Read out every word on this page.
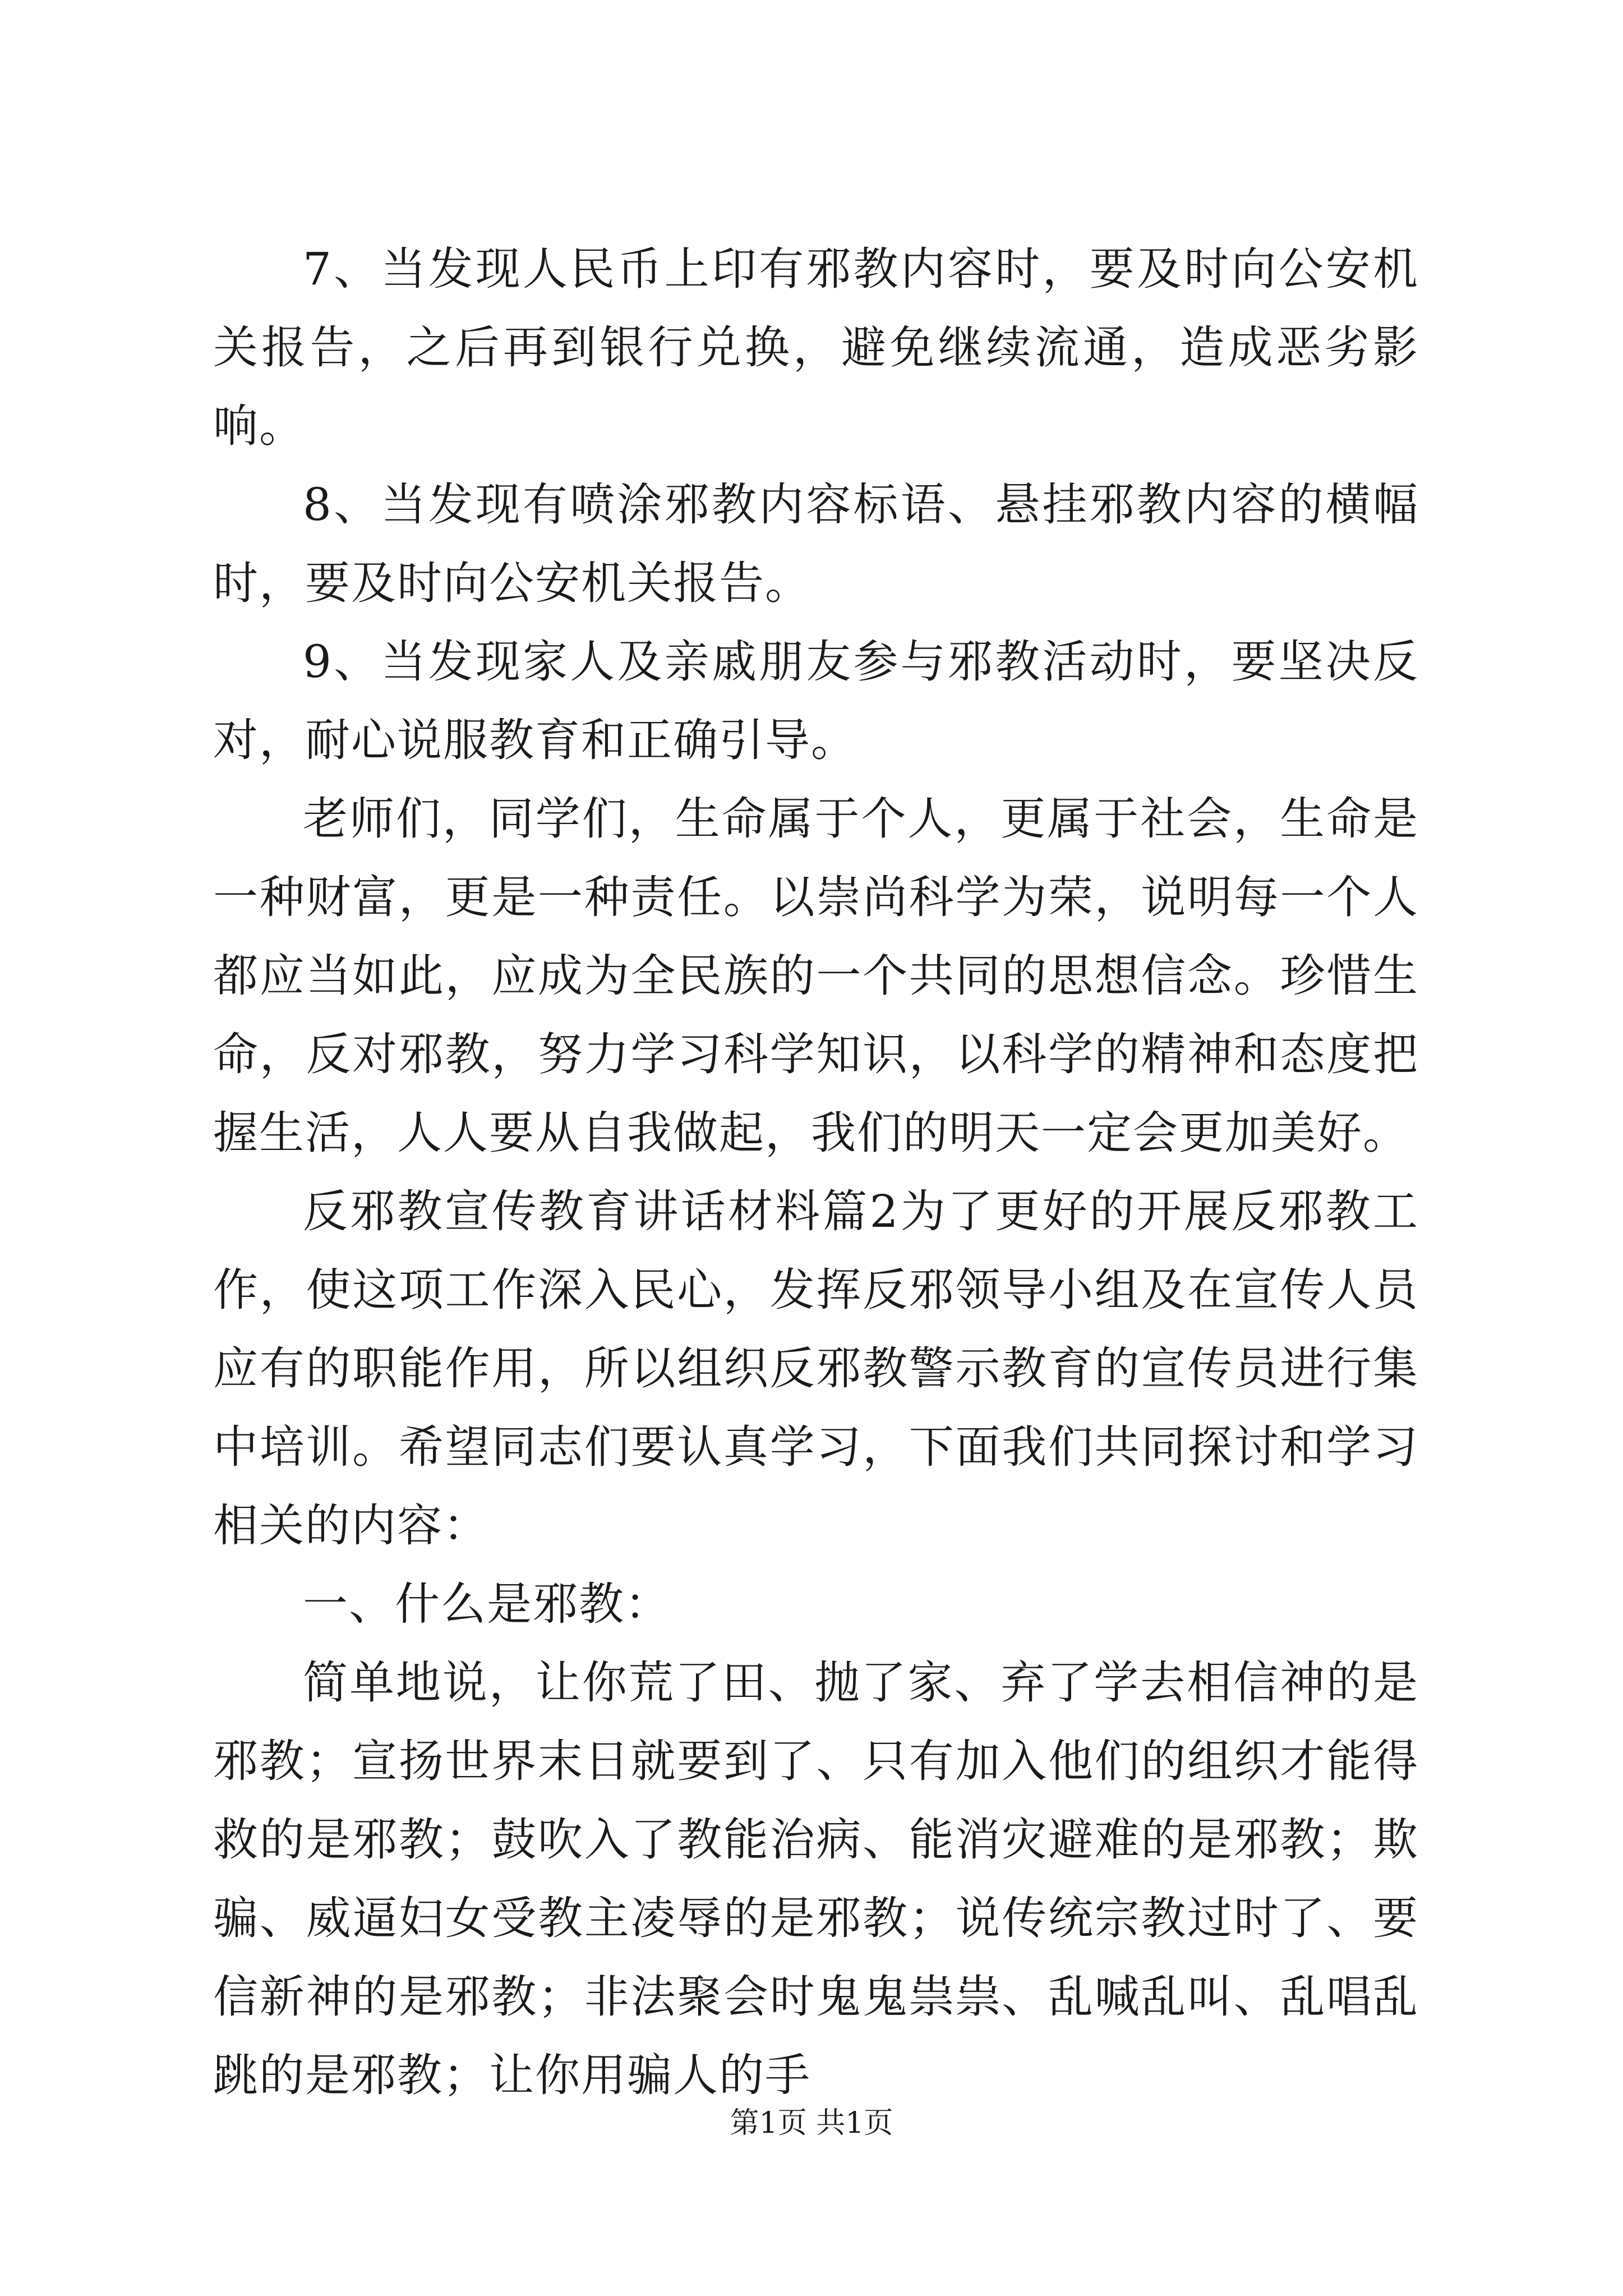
7、当发现人民币上印有邪教内容时，要及时向公安机关报告，之后再到银行兑换，避免继续流通，造成恶劣影响。

8、当发现有喷涂邪教内容标语、悬挂邪教内容的横幅时，要及时向公安机关报告。

9、当发现家人及亲戚朋友参与邪教活动时，要坚决反对，耐心说服教育和正确引导。

老师们，同学们，生命属于个人，更属于社会，生命是一种财富，更是一种责任。以崇尚科学为荣，说明每一个人都应当如此，应成为全民族的一个共同的思想信念。珍惜生命，反对邪教，努力学习科学知识，以科学的精神和态度把握生活，人人要从自我做起，我们的明天一定会更加美好。

反邪教宣传教育讲话材料篇2为了更好的开展反邪教工作，使这项工作深入民心，发挥反邪领导小组及在宣传人员应有的职能作用，所以组织反邪教警示教育的宣传员进行集中培训。希望同志们要认真学习，下面我们共同探讨和学习相关的内容：

一、什么是邪教：

简单地说，让你荒了田、抛了家、弃了学去相信神的是邪教；宣扬世界末日就要到了、只有加入他们的组织才能得救的是邪教；鼓吹入了教能治病、能消灾避难的是邪教；欺骗、威逼妇女受教主凌辱的是邪教；说传统宗教过时了、要信新神的是邪教；非法聚会时鬼鬼祟祟、乱喊乱叫、乱唱乱跳的是邪教；让你用骗人的手

第1页 共1页
